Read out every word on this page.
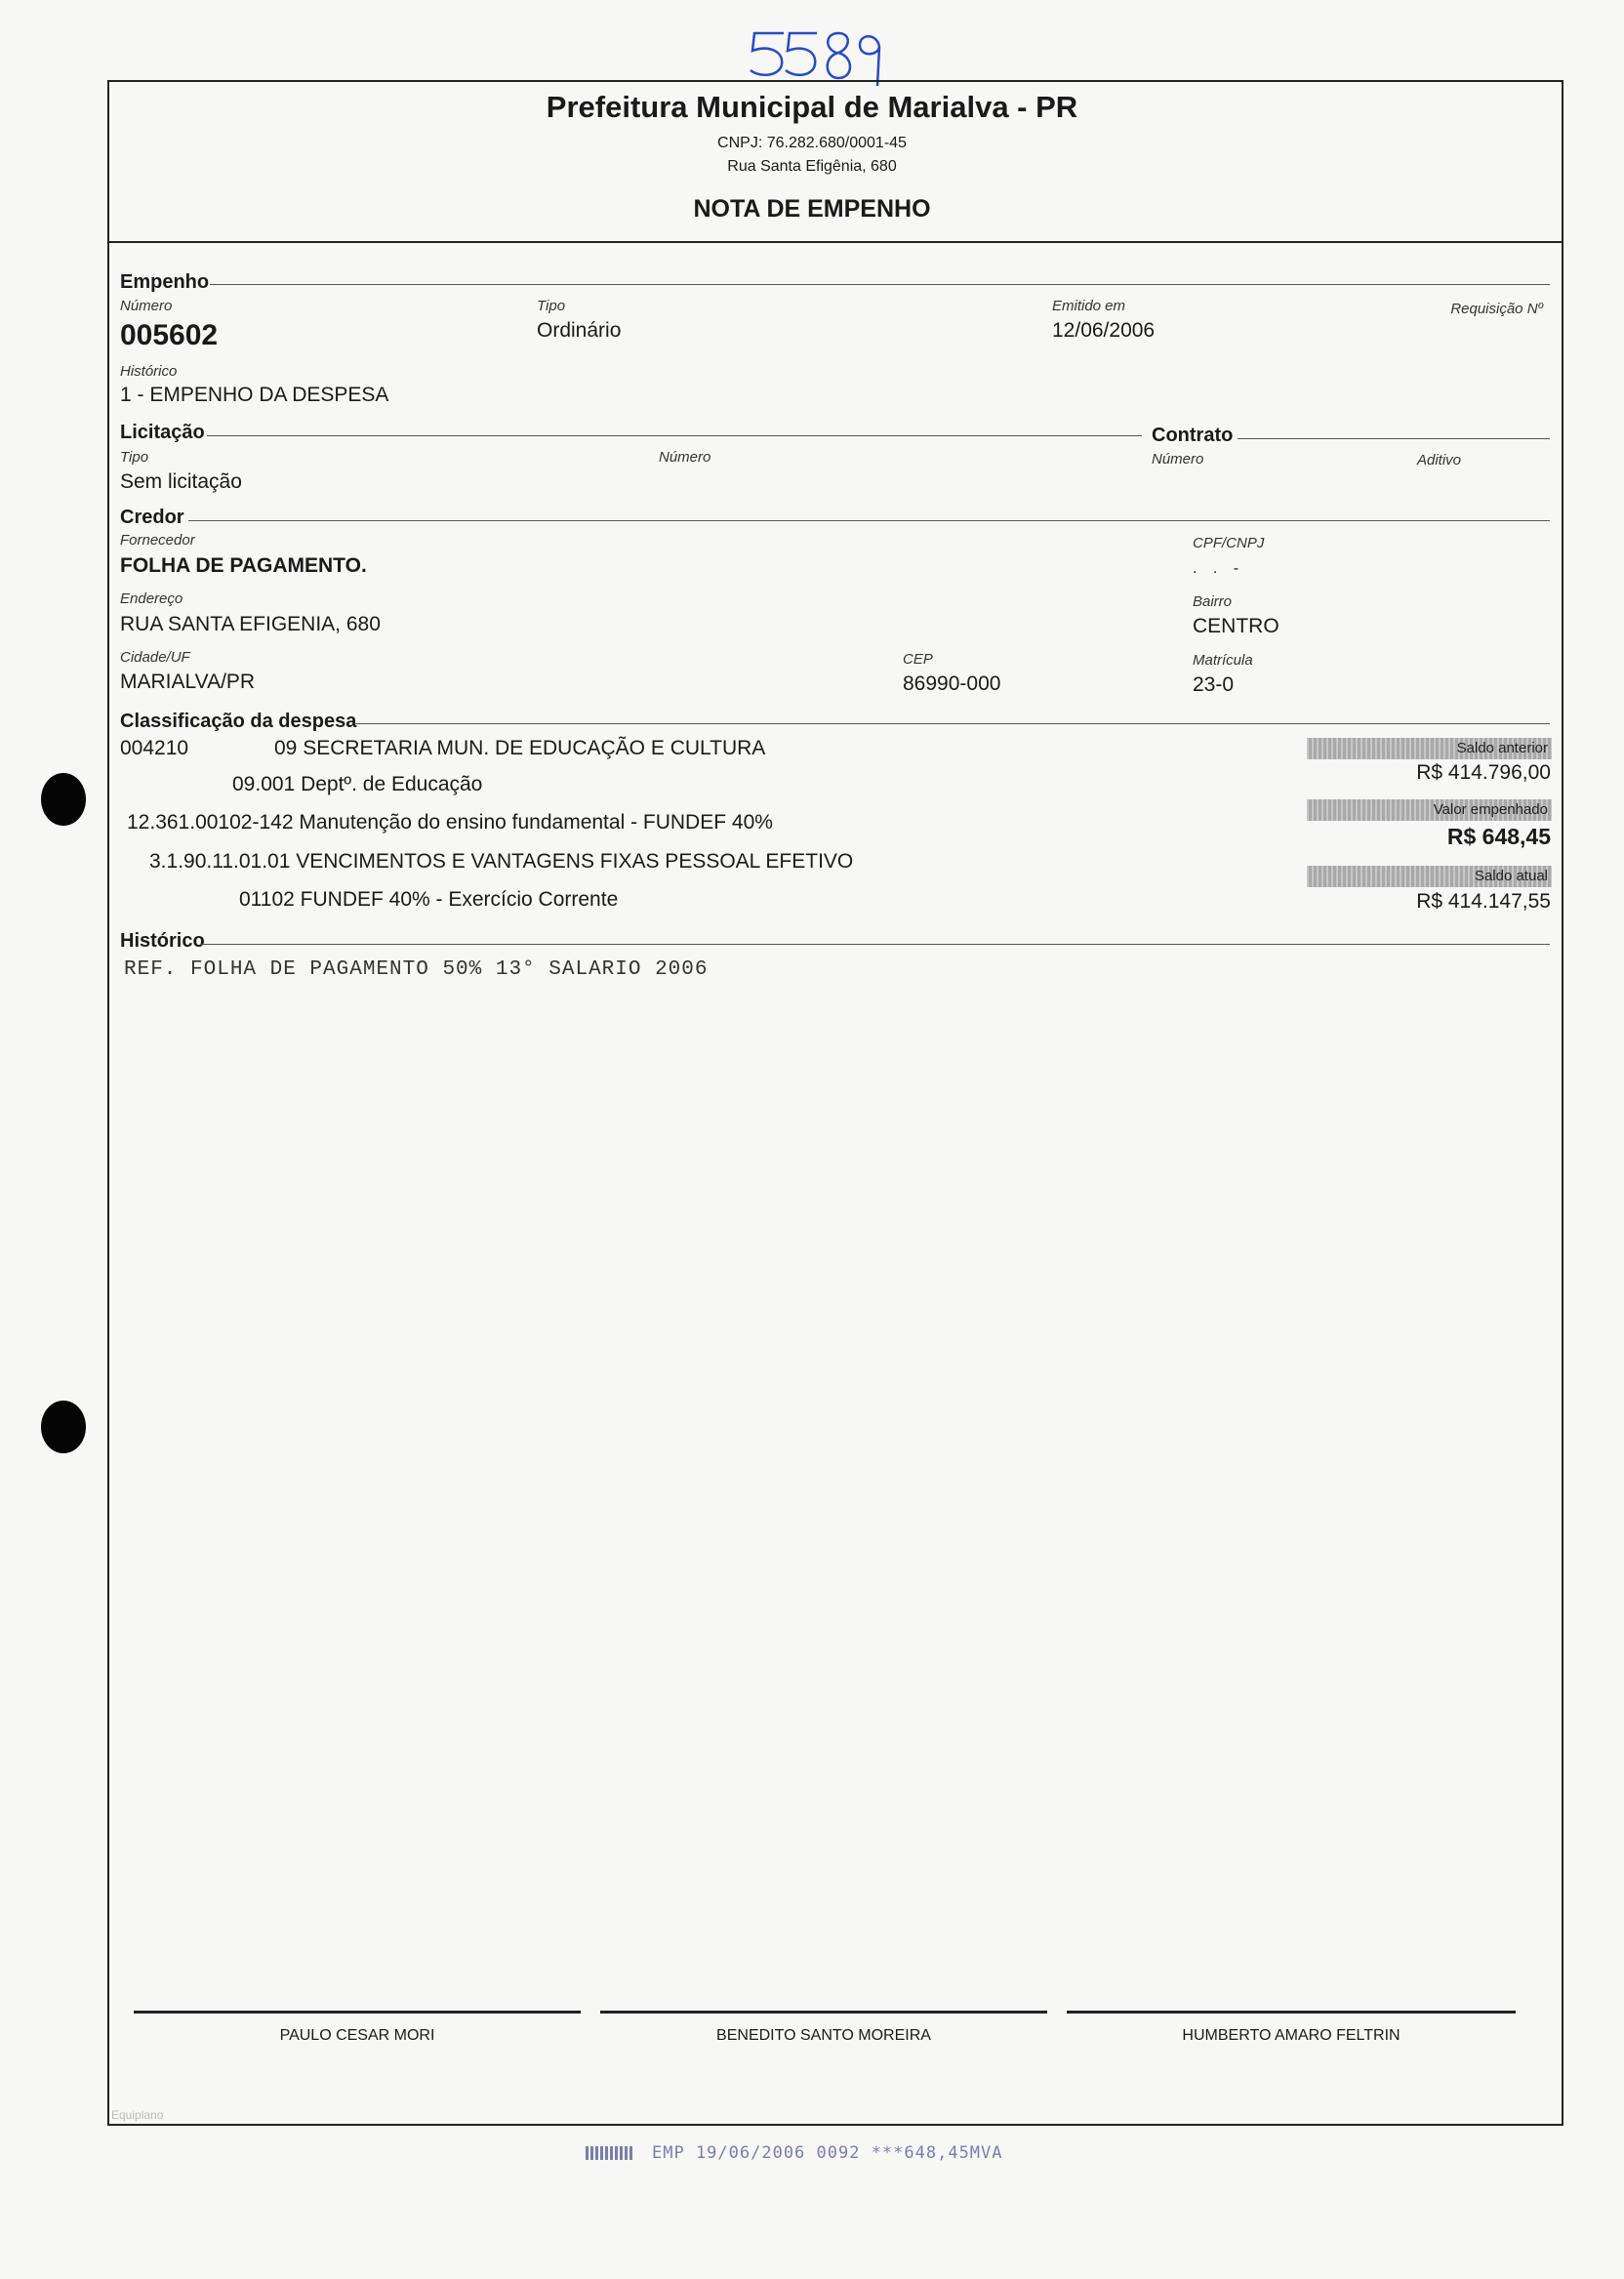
Prefeitura Municipal de Marialva - PR
CNPJ: 76.282.680/0001-45
Rua Santa Efigênia, 680
NOTA DE EMPENHO
Empenho
Número
005602
Tipo
Ordinário
Emitido em
12/06/2006
Requisição Nº
Histórico
1 - EMPENHO DA DESPESA
Licitação	Contrato
Tipo
Sem licitação
Número	Número	Aditivo
Credor
Fornecedor
FOLHA DE PAGAMENTO.
CPF/CNPJ
. . -
Endereço
RUA SANTA EFIGENIA, 680
Bairro
CENTRO
Cidade/UF
MARIALVA/PR
CEP
86990-000
Matrícula
23-0
Classificação da despesa
004210	09 SECRETARIA MUN. DE EDUCAÇÃO E CULTURA
09.001 Deptº. de Educação
12.361.00102-142 Manutenção do ensino fundamental - FUNDEF 40%
3.1.90.11.01.01 VENCIMENTOS E VANTAGENS FIXAS PESSOAL EFETIVO
01102 FUNDEF 40% - Exercício Corrente
Saldo anterior
R$ 414.796,00
Valor empenhado
R$ 648,45
Saldo atual
R$ 414.147,55
Histórico
REF. FOLHA DE PAGAMENTO 50% 13° SALARIO 2006
PAULO CESAR MORI	BENEDITO SANTO MOREIRA	HUMBERTO AMARO FELTRIN
Equiplano
EMP 19/06/2006 0092 ***648,45MVA
